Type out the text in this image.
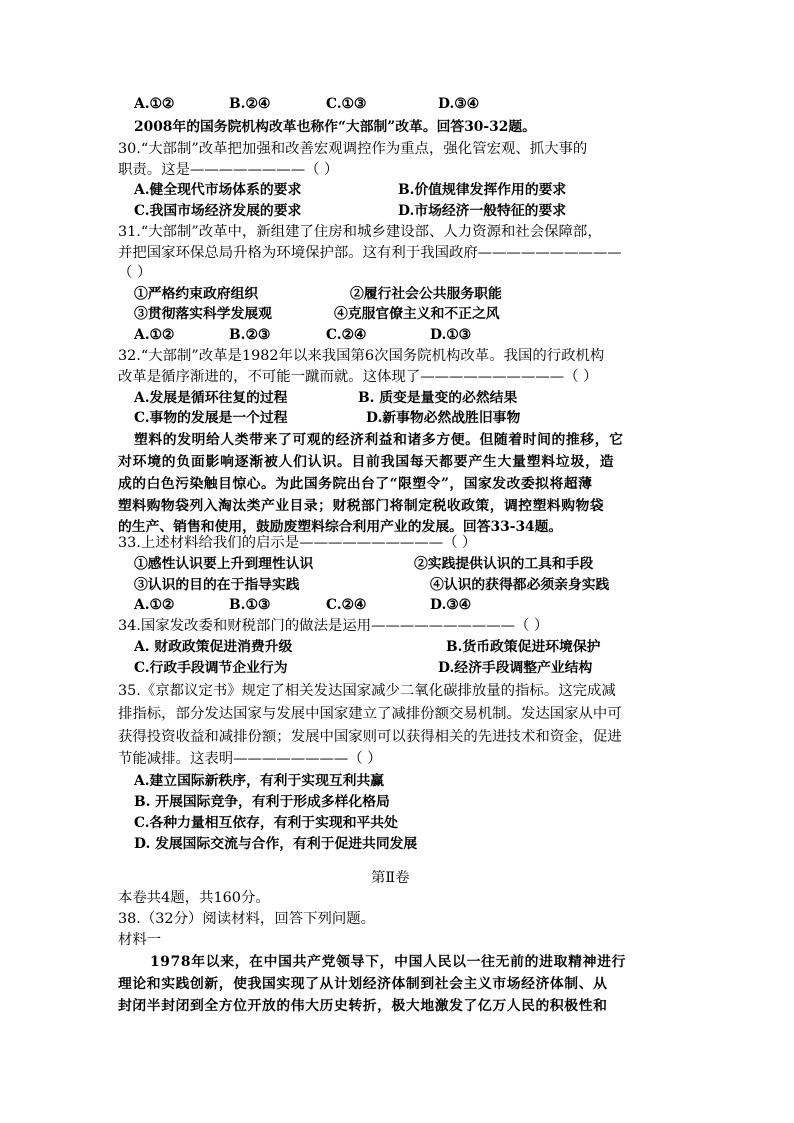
A.①②	B.②④	C.①③	D.③④
2008年的国务院机构改革也称作“大部制”改革。回答30-32题。
30.“大部制”改革把加强和改善宏观调控作为重点，强化管宏观、抓大事的
职责。这是————————（ ）
A.健全现代市场体系的要求	B.价值规律发挥作用的要求
C.我国市场经济发展的要求	D.市场经济一般特征的要求
31.“大部制”改革中，新组建了住房和城乡建设部、人力资源和社会保障部，
并把国家环保总局升格为环境保护部。这有利于我国政府——————————
（ ）
①严格约束政府组织	②履行社会公共服务职能
③贯彻落实科学发展观	④克服官僚主义和不正之风
A.①②	B.②③	C.②④	D.①③
32.“大部制”改革是1982年以来我国第6次国务院机构改革。我国的行政机构
改革是循序渐进的，不可能一蹴而就。这体现了——————————（ ）
A.发展是循环往复的过程	B. 质变是量变的必然结果
C.事物的发展是一个过程	D.新事物必然战胜旧事物
塑料的发明给人类带来了可观的经济利益和诸多方便。但随着时间的推移，它
对环境的负面影响逐渐被人们认识。目前我国每天都要产生大量塑料垃圾，造
成的白色污染触目惊心。为此国务院出台了“限塑令”，国家发改委拟将超薄
塑料购物袋列入淘汰类产业目录；财税部门将制定税收政策，调控塑料购物袋
的生产、销售和使用，鼓励废塑料综合利用产业的发展。回答33-34题。
33.上述材料给我们的启示是——————————（ ）
①感性认识要上升到理性认识	②实践提供认识的工具和手段
③认识的目的在于指导实践	④认识的获得都必须亲身实践
A.①②	B.①③	C.②④	D.③④
34.国家发改委和财税部门的做法是运用——————————（ ）
A. 财政政策促进消费升级	B.货币政策促进环境保护
C.行政手段调节企业行为	D.经济手段调整产业结构
35.《京都议定书》规定了相关发达国家减少二氧化碳排放量的指标。这完成减
排指标，部分发达国家与发展中国家建立了减排份额交易机制。发达国家从中可
获得投资收益和减排份额；发展中国家则可以获得相关的先进技术和资金，促进
节能减排。这表明————————（ ）
A.建立国际新秩序，有利于实现互利共赢
B. 开展国际竞争，有利于形成多样化格局
C.各种力量相互依存，有利于实现和平共处
D. 发展国际交流与合作，有利于促进共同发展
第Ⅱ卷
本卷共4题，共160分。
38.（32分）阅读材料，回答下列问题。
材料一
1978年以来，在中国共产党领导下，中国人民以一往无前的进取精神进行
理论和实践创新，使我国实现了从计划经济体制到社会主义市场经济体制、从
封闭半封闭到全方位开放的伟大历史转折，极大地激发了亿万人民的积极性和
